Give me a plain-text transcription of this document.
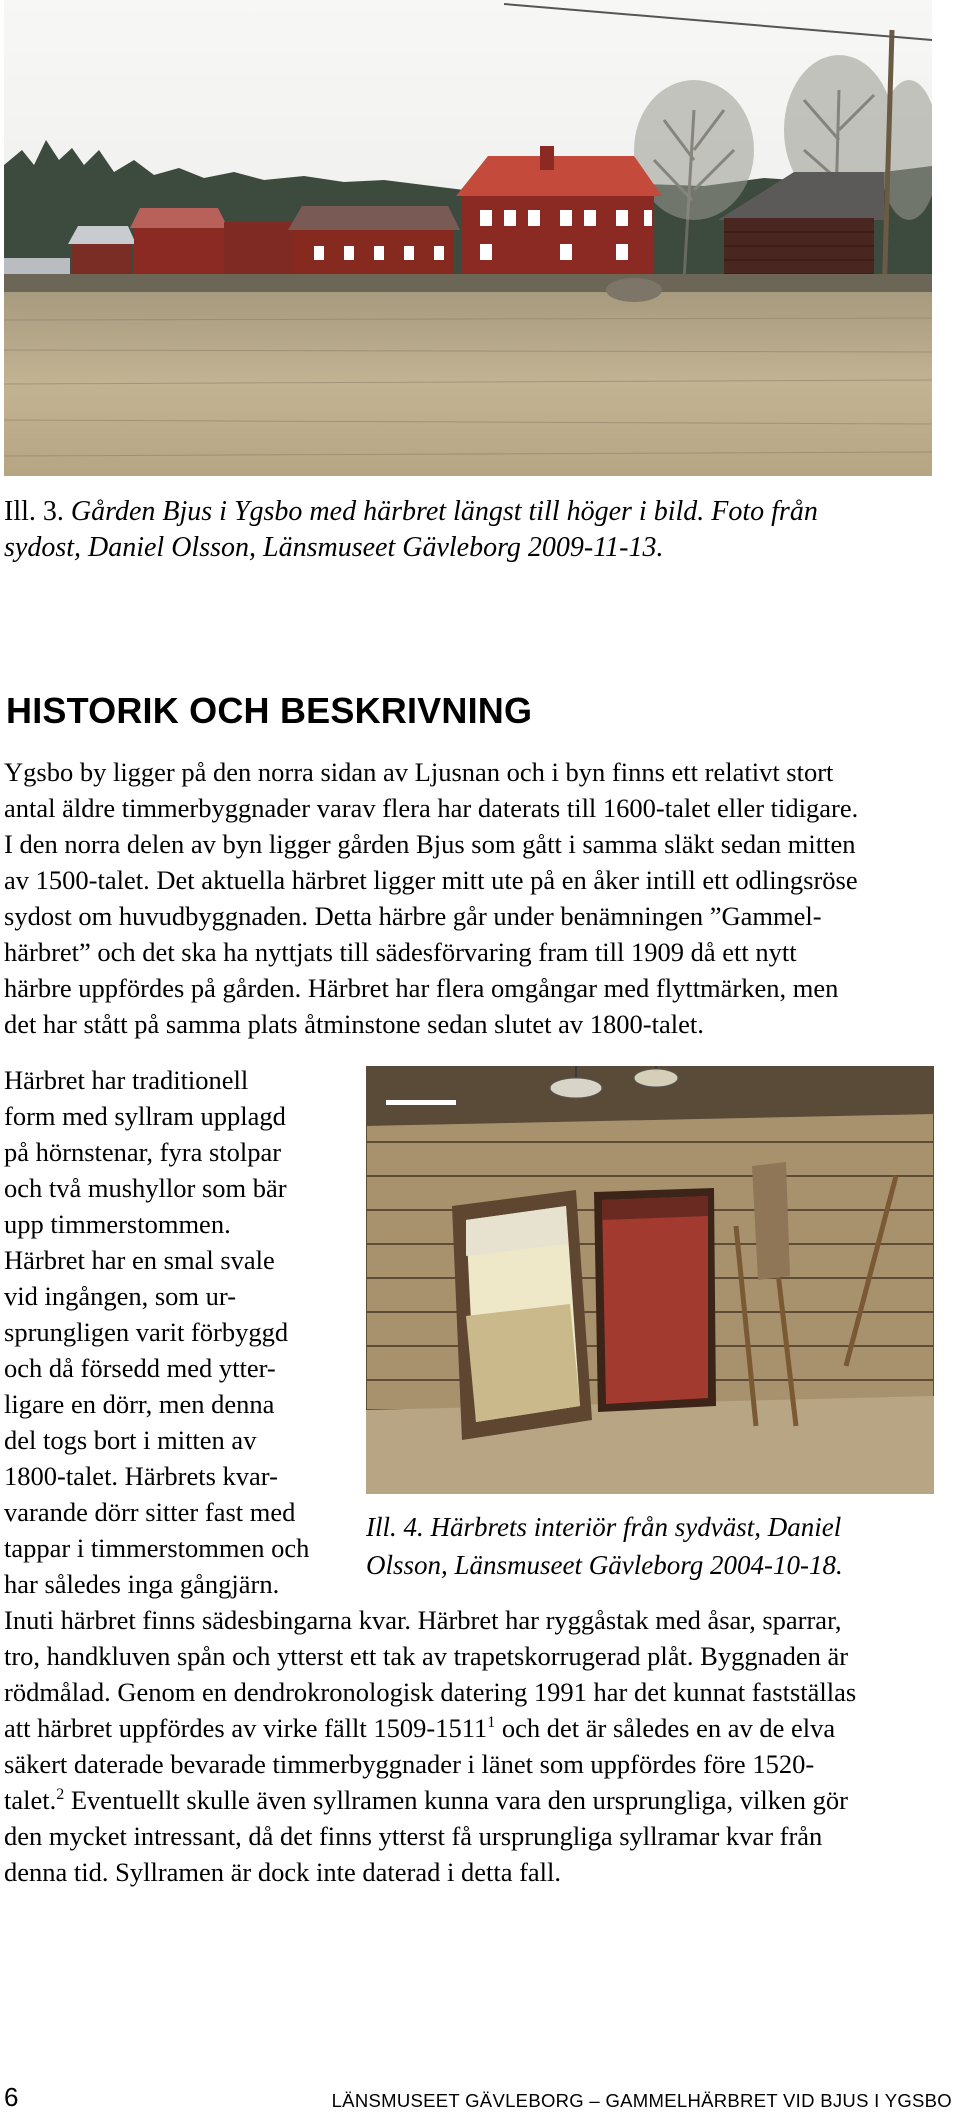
Ill. 3. Gården Bjus i Ygsbo med härbret längst till höger i bild. Foto från
sydost, Daniel Olsson, Länsmuseet Gävleborg 2009-11-13.
HISTORIK OCH BESKRIVNING
Ygsbo by ligger på den norra sidan av Ljusnan och i byn finns ett relativt stort
antal äldre timmerbyggnader varav flera har daterats till 1600-talet eller tidigare.
I den norra delen av byn ligger gården Bjus som gått i samma släkt sedan mitten
av 1500-talet. Det aktuella härbret ligger mitt ute på en åker intill ett odlingsröse
sydost om huvudbyggnaden. Detta härbre går under benämningen ”Gammel-
härbret” och det ska ha nyttjats till sädesförvaring fram till 1909 då ett nytt
härbre uppfördes på gården. Härbret har flera omgångar med flyttmärken, men
det har stått på samma plats åtminstone sedan slutet av 1800-talet.
Härbret har traditionell
form med syllram upplagd
på hörnstenar, fyra stolpar
och två mushyllor som bär
upp timmerstommen.
Härbret har en smal svale
vid ingången, som ur-
sprungligen varit förbyggd
och då försedd med ytter-
ligare en dörr, men denna
del togs bort i mitten av
1800-talet. Härbrets kvar-
varande dörr sitter fast med
tappar i timmerstommen och
har således inga gångjärn.
Ill. 4. Härbrets interiör från sydväst, Daniel
Olsson, Länsmuseet Gävleborg 2004-10-18.
Inuti härbret finns sädesbingarna kvar. Härbret har ryggåstak med åsar, sparrar,
tro, handkluven spån och ytterst ett tak av trapetskorrugerad plåt. Byggnaden är
rödmålad. Genom en dendrokronologisk datering 1991 har det kunnat fastställas
att härbret uppfördes av virke fällt 1509-1511$^1$ och det är således en av de elva
säkert daterade bevarade timmerbyggnader i länet som uppfördes före 1520-
talet.$^2$ Eventuellt skulle även syllramen kunna vara den ursprungliga, vilken gör
den mycket intressant, då det finns ytterst få ursprungliga syllramar kvar från
denna tid. Syllramen är dock inte daterad i detta fall.
6	LÄNSMUSEET GÄVLEBORG – GAMMELHÄRBRET VID BJUS I YGSBO
